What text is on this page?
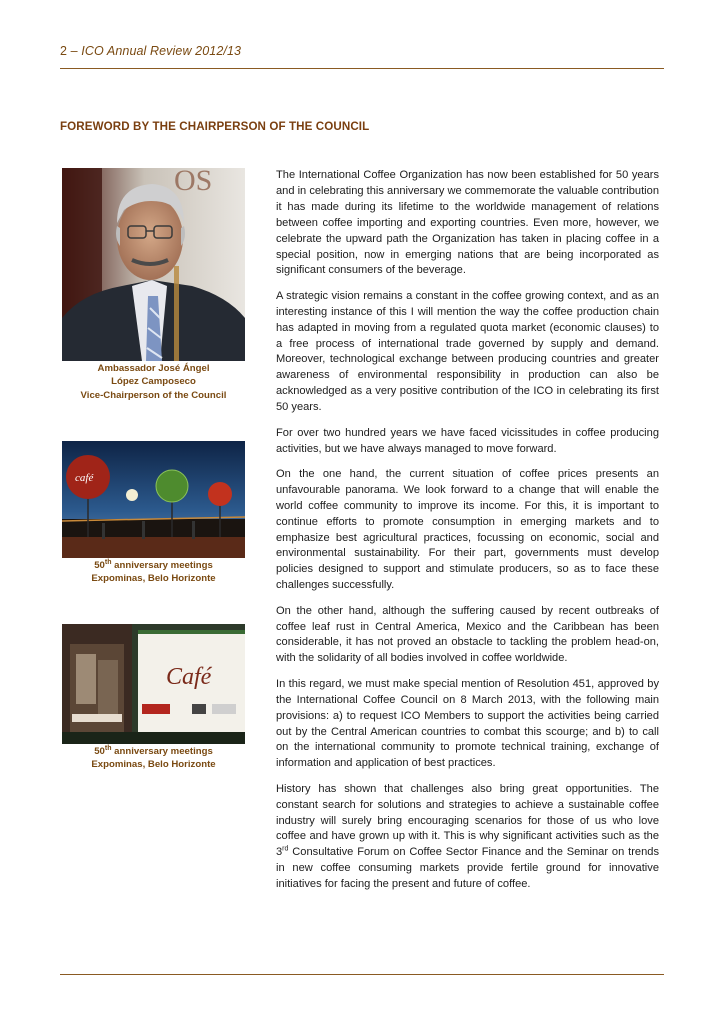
2 – ICO Annual Review 2012/13
FOREWORD BY THE CHAIRPERSON OF THE COUNCIL
OS
Ambassador José Ángel
López Camposeco
Vice-Chairperson of the Council
café
50th anniversary meetings
Expominas, Belo Horizonte
Café
50th anniversary meetings
Expominas, Belo Horizonte

The International Coffee Organization has now been established for 50 years and in celebrating this anniversary we commemorate the valuable contribution it has made during its lifetime to the worldwide management of relations between coffee importing and exporting countries. Even more, however, we celebrate the upward path the Organization has taken in placing coffee in a special position, now in emerging nations that are being incorporated as significant consumers of the beverage.

A strategic vision remains a constant in the coffee growing context, and as an interesting instance of this I will mention the way the coffee production chain has adapted in moving from a regulated quota market (economic clauses) to a free process of international trade governed by supply and demand. Moreover, technological exchange between producing countries and greater awareness of environmental responsibility in production can also be acknowledged as a very positive contribution of the ICO in celebrating its first 50 years.

For over two hundred years we have faced vicissitudes in coffee producing activities, but we have always managed to move forward.

On the one hand, the current situation of coffee prices presents an unfavourable panorama. We look forward to a change that will enable the world coffee community to improve its income. For this, it is important to continue efforts to promote consumption in emerging markets and to emphasize best agricultural practices, focussing on economic, social and environmental sustainability. For their part, governments must develop policies designed to support and stimulate producers, so as to face these challenges successfully.

On the other hand, although the suffering caused by recent outbreaks of coffee leaf rust in Central America, Mexico and the Caribbean has been considerable, it has not proved an obstacle to tackling the problem head-on, with the solidarity of all bodies involved in coffee worldwide.

In this regard, we must make special mention of Resolution 451, approved by the International Coffee Council on 8 March 2013, with the following main provisions: a) to request ICO Members to support the activities being carried out by the Central American countries to combat this scourge; and b) to call on the international community to promote technical training, exchange of information and application of best practices.

History has shown that challenges also bring great opportunities. The constant search for solutions and strategies to achieve a sustainable coffee industry will surely bring encouraging scenarios for those of us who love coffee and have grown up with it. This is why significant activities such as the 3rd Consultative Forum on Coffee Sector Finance and the Seminar on trends in new coffee consuming markets provide fertile ground for innovative initiatives for facing the present and future of coffee.
